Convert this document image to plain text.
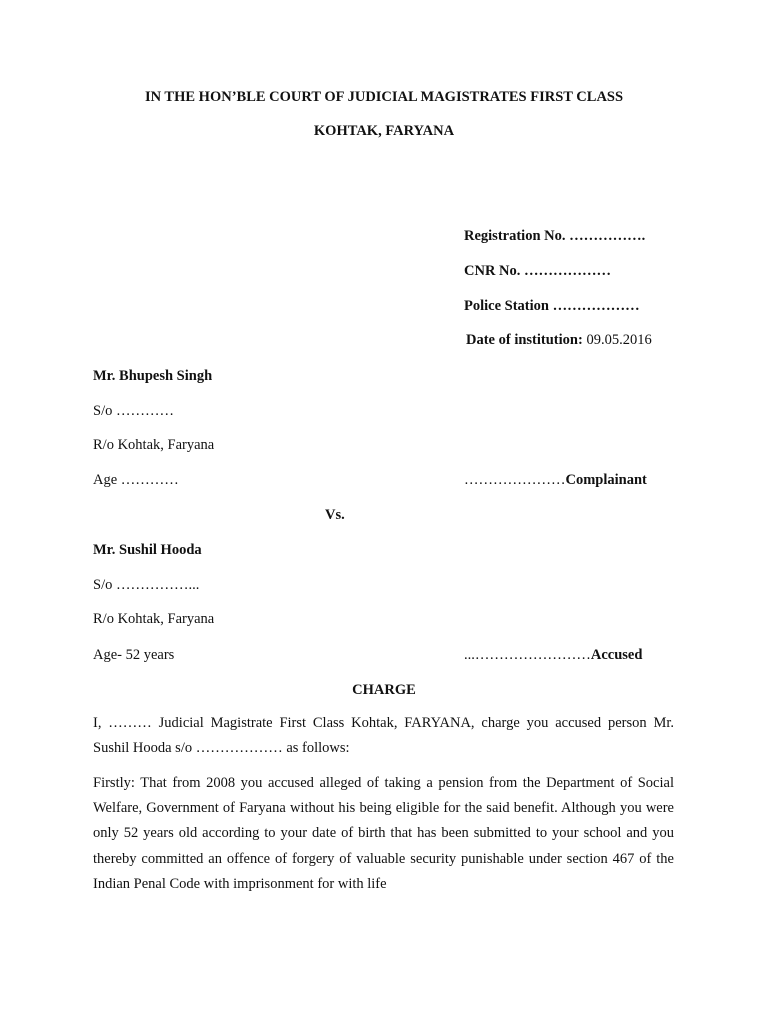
IN THE HON’BLE COURT OF JUDICIAL MAGISTRATES FIRST CLASS
KOHTAK, FARYANA
Registration No. …………….
CNR No. ………………
Police Station ………………
Date of institution: 09.05.2016
Mr. Bhupesh Singh
S/o …………
R/o Kohtak, Faryana
Age …………	…………………Complainant
Vs.
Mr. Sushil Hooda
S/o ……………...
R/o Kohtak, Faryana
Age- 52 years	...……………………Accused
CHARGE
I, ……… Judicial Magistrate First Class Kohtak, FARYANA, charge you accused person Mr. Sushil Hooda s/o ……………… as follows:
Firstly: That from 2008 you accused alleged of taking a pension from the Department of Social Welfare, Government of Faryana without his being eligible for the said benefit. Although you were only 52 years old according to your date of birth that has been submitted to your school and you thereby committed an offence of forgery of valuable security punishable under section 467 of the Indian Penal Code with imprisonment for with life
